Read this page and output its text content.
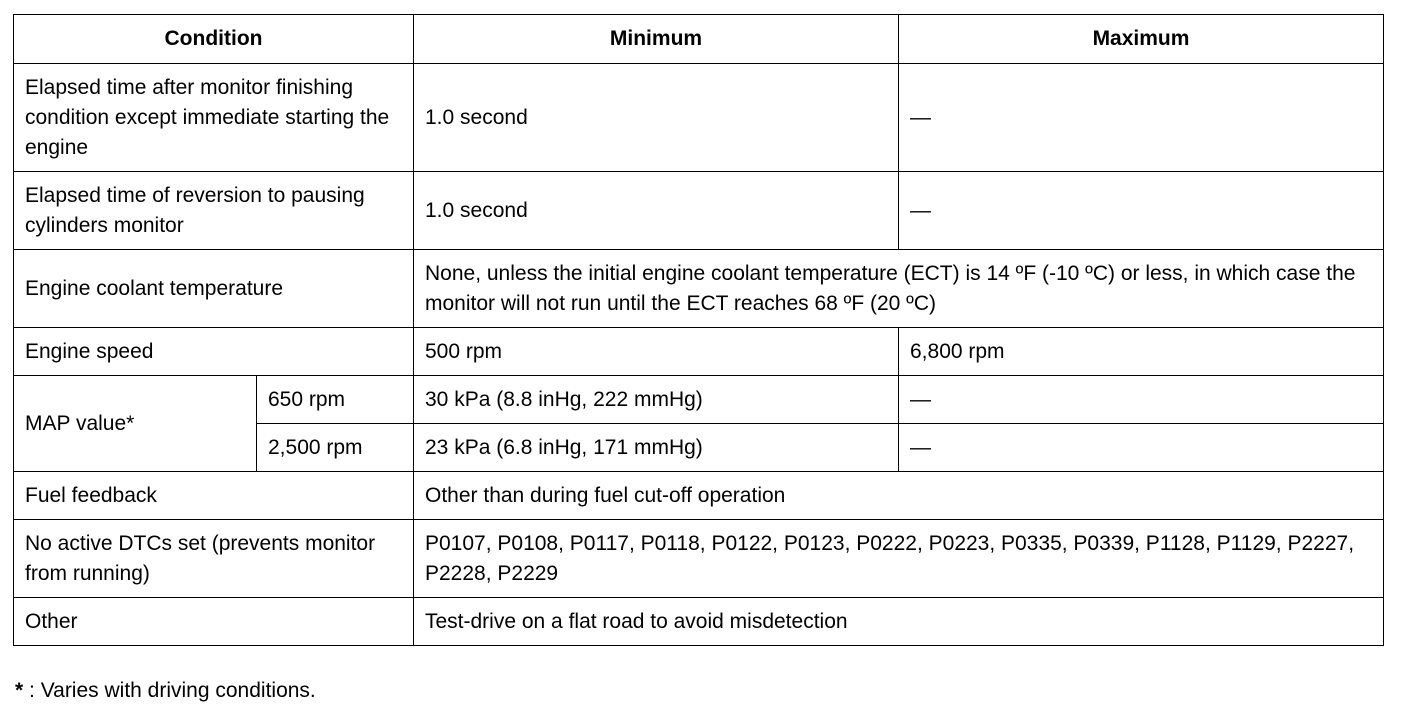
Condition		Minimum	Maximum
Elapsed time after monitor finishing condition except immediate starting the engine		1.0 second	—
Elapsed time of reversion to pausing cylinders monitor		1.0 second	—
Engine coolant temperature		None, unless the initial engine coolant temperature (ECT) is 14 ºF (-10 ºC) or less, in which case the monitor will not run until the ECT reaches 68 ºF (20 ºC)	
Engine speed		500 rpm	6,800 rpm
MAP value*	650 rpm	30 kPa (8.8 inHg, 222 mmHg)	—
	2,500 rpm	23 kPa (6.8 inHg, 171 mmHg)	—
Fuel feedback		Other than during fuel cut-off operation	
No active DTCs set (prevents monitor from running)		P0107, P0108, P0117, P0118, P0122, P0123, P0222, P0223, P0335, P0339, P1128, P1129, P2227, P2228, P2229	
Other		Test-drive on a flat road to avoid misdetection	
* : Varies with driving conditions.
